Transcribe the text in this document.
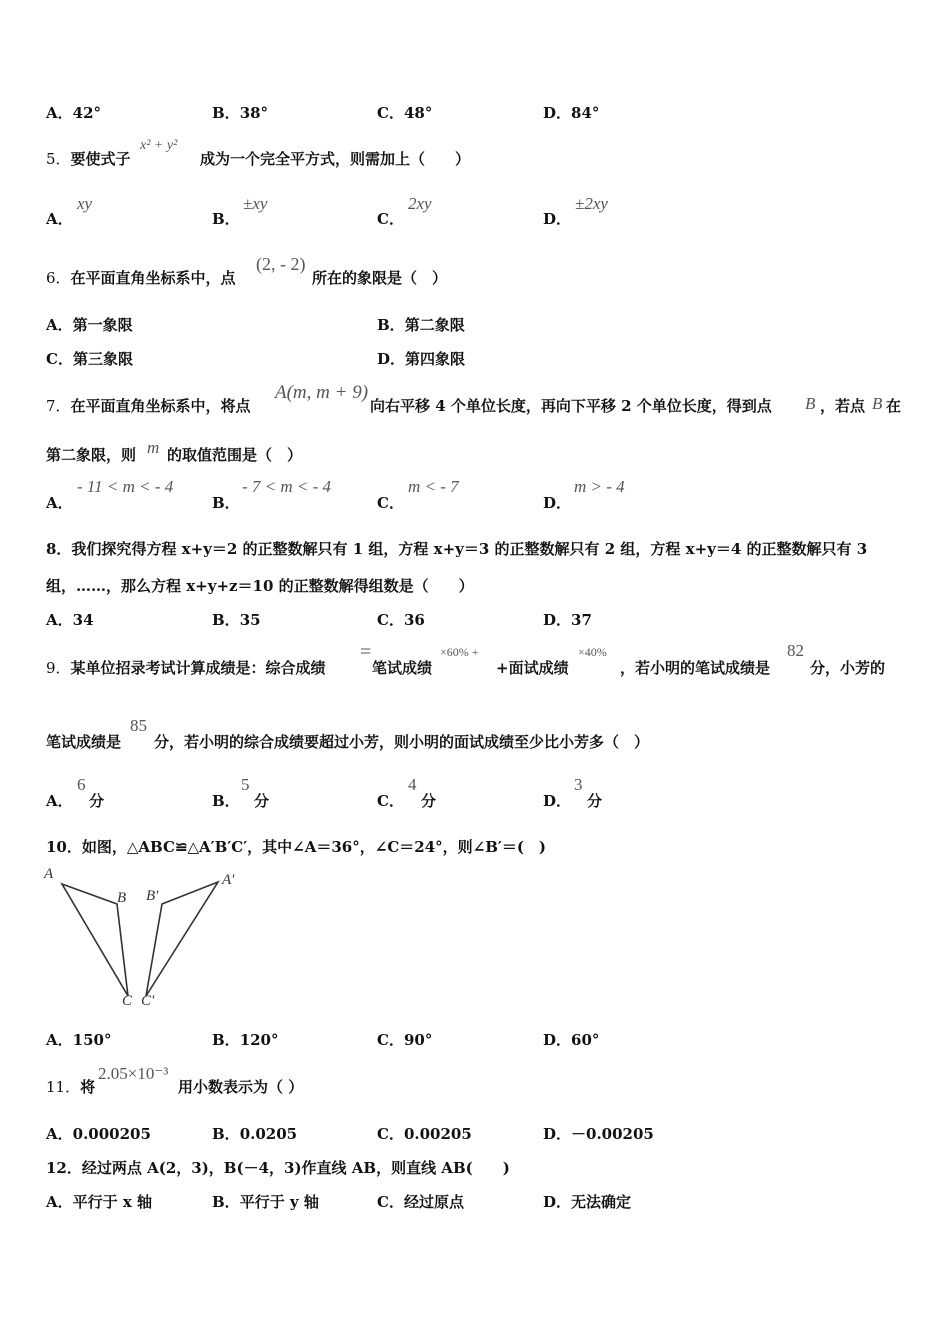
A．42°	B．38°	C．48°	D．84°
5．要使式子
x² + y²
成为一个完全平方式，则需加上（　　）
A．
xy
B．
±xy
C．
2xy
D．
±2xy
6．在平面直角坐标系中，点
(2, - 2)
所在的象限是（　）
A．第一象限	B．第二象限
C．第三象限	D．第四象限
7．在平面直角坐标系中，将点
A(m, m + 9)
向右平移 4 个单位长度，再向下平移 2 个单位长度，得到点 B ，若点 B 在
第二象限，则 m 的取值范围是（　）
A．
- 11 < m < - 4
B．
- 7 < m < - 4
C．
m < - 7
D．
m > - 4
8．我们探究得方程 x+y＝2 的正整数解只有 1 组，方程 x+y＝3 的正整数解只有 2 组，方程 x+y＝4 的正整数解只有 3
组，……，那么方程 x+y+z＝10 的正整数解得组数是（　　）
A．34	B．35	C．36	D．37
9．某单位招录考试计算成绩是：综合成绩
=
笔试成绩
×60% +
+面试成绩
×40%
，若小明的笔试成绩是
82
分，小芳的
笔试成绩是
85
分，若小明的综合成绩要超过小芳，则小明的面试成绩至少比小芳多（　）
A．
6
分	B．
5
分	C．
4
分	D．
3
分
10．如图，△ABC≌△A′B′C′，其中∠A＝36°，∠C＝24°，则∠B′＝(　)
A
B
C
B′
A′
C′
A．150°	B．120°	C．90°	D．60°
11．将
2.05×10⁻³
用小数表示为（ ）
A．0.000205	B．0.0205	C．0.00205	D．－0.00205
12．经过两点 A(2，3)，B(－4，3)作直线 AB，则直线 AB(　　)
A．平行于 x 轴	B．平行于 y 轴	C．经过原点	D．无法确定
